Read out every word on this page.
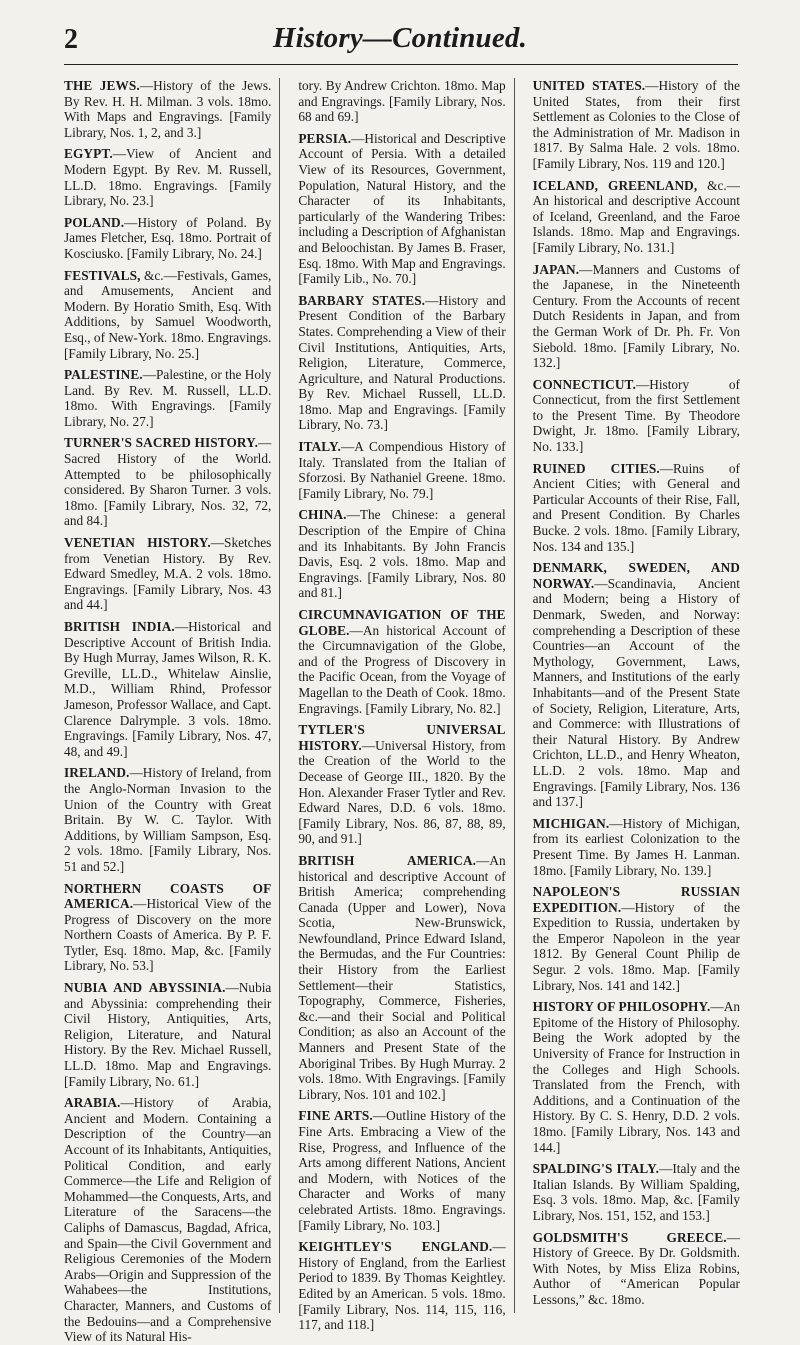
2	History—Continued.

THE JEWS.—History of the Jews. By Rev. H. H. Milman. 3 vols. 18mo. With Maps and Engravings. [Family Library, Nos. 1, 2, and 3.]

EGYPT.—View of Ancient and Modern Egypt. By Rev. M. Russell, LL.D. 18mo. Engravings. [Family Library, No. 23.]

POLAND.—History of Poland. By James Fletcher, Esq. 18mo. Portrait of Kosciusko. [Family Library, No. 24.]

FESTIVALS, &c.—Festivals, Games, and Amusements, Ancient and Modern. By Horatio Smith, Esq. With Additions, by Samuel Woodworth, Esq., of New-York. 18mo. Engravings. [Family Library, No. 25.]

PALESTINE.—Palestine, or the Holy Land. By Rev. M. Russell, LL.D. 18mo. With Engravings. [Family Library, No. 27.]

TURNER'S SACRED HISTORY.—Sacred History of the World. Attempted to be philosophically considered. By Sharon Turner. 3 vols. 18mo. [Family Library, Nos. 32, 72, and 84.]

VENETIAN HISTORY.—Sketches from Venetian History. By Rev. Edward Smedley, M.A. 2 vols. 18mo. Engravings. [Family Library, Nos. 43 and 44.]

BRITISH INDIA.—Historical and Descriptive Account of British India. By Hugh Murray, James Wilson, R. K. Greville, LL.D., Whitelaw Ainslie, M.D., William Rhind, Professor Jameson, Professor Wallace, and Capt. Clarence Dalrymple. 3 vols. 18mo. Engravings. [Family Library, Nos. 47, 48, and 49.]

IRELAND.—History of Ireland, from the Anglo-Norman Invasion to the Union of the Country with Great Britain. By W. C. Taylor. With Additions, by William Sampson, Esq. 2 vols. 18mo. [Family Library, Nos. 51 and 52.]

NORTHERN COASTS OF AMERICA.—Historical View of the Progress of Discovery on the more Northern Coasts of America. By P. F. Tytler, Esq. 18mo. Map, &c. [Family Library, No. 53.]

NUBIA AND ABYSSINIA.—Nubia and Abyssinia: comprehending their Civil History, Antiquities, Arts, Religion, Literature, and Natural History. By the Rev. Michael Russell, LL.D. 18mo. Map and Engravings. [Family Library, No. 61.]

ARABIA.—History of Arabia, Ancient and Modern. Containing a Description of the Country—an Account of its Inhabitants, Antiquities, Political Condition, and early Commerce—the Life and Religion of Mohammed—the Conquests, Arts, and Literature of the Saracens—the Caliphs of Damascus, Bagdad, Africa, and Spain—the Civil Government and Religious Ceremonies of the Modern Arabs—Origin and Suppression of the Wahabees—the Institutions, Character, Manners, and Customs of the Bedouins—and a Comprehensive View of its Natural His-

tory. By Andrew Crichton. 18mo. Map and Engravings. [Family Library, Nos. 68 and 69.]

PERSIA.—Historical and Descriptive Account of Persia. With a detailed View of its Resources, Government, Population, Natural History, and the Character of its Inhabitants, particularly of the Wandering Tribes: including a Description of Afghanistan and Beloochistan. By James B. Fraser, Esq. 18mo. With Map and Engravings. [Family Lib., No. 70.]

BARBARY STATES.—History and Present Condition of the Barbary States. Comprehending a View of their Civil Institutions, Antiquities, Arts, Religion, Literature, Commerce, Agriculture, and Natural Productions. By Rev. Michael Russell, LL.D. 18mo. Map and Engravings. [Family Library, No. 73.]

ITALY.—A Compendious History of Italy. Translated from the Italian of Sforzosi. By Nathaniel Greene. 18mo. [Family Library, No. 79.]

CHINA.—The Chinese: a general Description of the Empire of China and its Inhabitants. By John Francis Davis, Esq. 2 vols. 18mo. Map and Engravings. [Family Library, Nos. 80 and 81.]

CIRCUMNAVIGATION OF THE GLOBE.—An historical Account of the Circumnavigation of the Globe, and of the Progress of Discovery in the Pacific Ocean, from the Voyage of Magellan to the Death of Cook. 18mo. Engravings. [Family Library, No. 82.]

TYTLER'S UNIVERSAL HISTORY.—Universal History, from the Creation of the World to the Decease of George III., 1820. By the Hon. Alexander Fraser Tytler and Rev. Edward Nares, D.D. 6 vols. 18mo. [Family Library, Nos. 86, 87, 88, 89, 90, and 91.]

BRITISH AMERICA.—An historical and descriptive Account of British America; comprehending Canada (Upper and Lower), Nova Scotia, New-Brunswick, Newfoundland, Prince Edward Island, the Bermudas, and the Fur Countries: their History from the Earliest Settlement—their Statistics, Topography, Commerce, Fisheries, &c.—and their Social and Political Condition; as also an Account of the Manners and Present State of the Aboriginal Tribes. By Hugh Murray. 2 vols. 18mo. With Engravings. [Family Library, Nos. 101 and 102.]

FINE ARTS.—Outline History of the Fine Arts. Embracing a View of the Rise, Progress, and Influence of the Arts among different Nations, Ancient and Modern, with Notices of the Character and Works of many celebrated Artists. 18mo. Engravings. [Family Library, No. 103.]

KEIGHTLEY'S ENGLAND.—History of England, from the Earliest Period to 1839. By Thomas Keightley. Edited by an American. 5 vols. 18mo. [Family Library, Nos. 114, 115, 116, 117, and 118.]

UNITED STATES.—History of the United States, from their first Settlement as Colonies to the Close of the Administration of Mr. Madison in 1817. By Salma Hale. 2 vols. 18mo. [Family Library, Nos. 119 and 120.]

ICELAND, GREENLAND, &c.—An historical and descriptive Account of Iceland, Greenland, and the Faroe Islands. 18mo. Map and Engravings. [Family Library, No. 131.]

JAPAN.—Manners and Customs of the Japanese, in the Nineteenth Century. From the Accounts of recent Dutch Residents in Japan, and from the German Work of Dr. Ph. Fr. Von Siebold. 18mo. [Family Library, No. 132.]

CONNECTICUT.—History of Connecticut, from the first Settlement to the Present Time. By Theodore Dwight, Jr. 18mo. [Family Library, No. 133.]

RUINED CITIES.—Ruins of Ancient Cities; with General and Particular Accounts of their Rise, Fall, and Present Condition. By Charles Bucke. 2 vols. 18mo. [Family Library, Nos. 134 and 135.]

DENMARK, SWEDEN, AND NORWAY.—Scandinavia, Ancient and Modern; being a History of Denmark, Sweden, and Norway: comprehending a Description of these Countries—an Account of the Mythology, Government, Laws, Manners, and Institutions of the early Inhabitants—and of the Present State of Society, Religion, Literature, Arts, and Commerce: with Illustrations of their Natural History. By Andrew Crichton, LL.D., and Henry Wheaton, LL.D. 2 vols. 18mo. Map and Engravings. [Family Library, Nos. 136 and 137.]

MICHIGAN.—History of Michigan, from its earliest Colonization to the Present Time. By James H. Lanman. 18mo. [Family Library, No. 139.]

NAPOLEON'S RUSSIAN EXPEDITION.—History of the Expedition to Russia, undertaken by the Emperor Napoleon in the year 1812. By General Count Philip de Segur. 2 vols. 18mo. Map. [Family Library, Nos. 141 and 142.]

HISTORY OF PHILOSOPHY.—An Epitome of the History of Philosophy. Being the Work adopted by the University of France for Instruction in the Colleges and High Schools. Translated from the French, with Additions, and a Continuation of the History. By C. S. Henry, D.D. 2 vols. 18mo. [Family Library, Nos. 143 and 144.]

SPALDING'S ITALY.—Italy and the Italian Islands. By William Spalding, Esq. 3 vols. 18mo. Map, &c. [Family Library, Nos. 151, 152, and 153.]

GOLDSMITH'S GREECE.—History of Greece. By Dr. Goldsmith. With Notes, by Miss Eliza Robins, Author of “American Popular Lessons,” &c. 18mo.
